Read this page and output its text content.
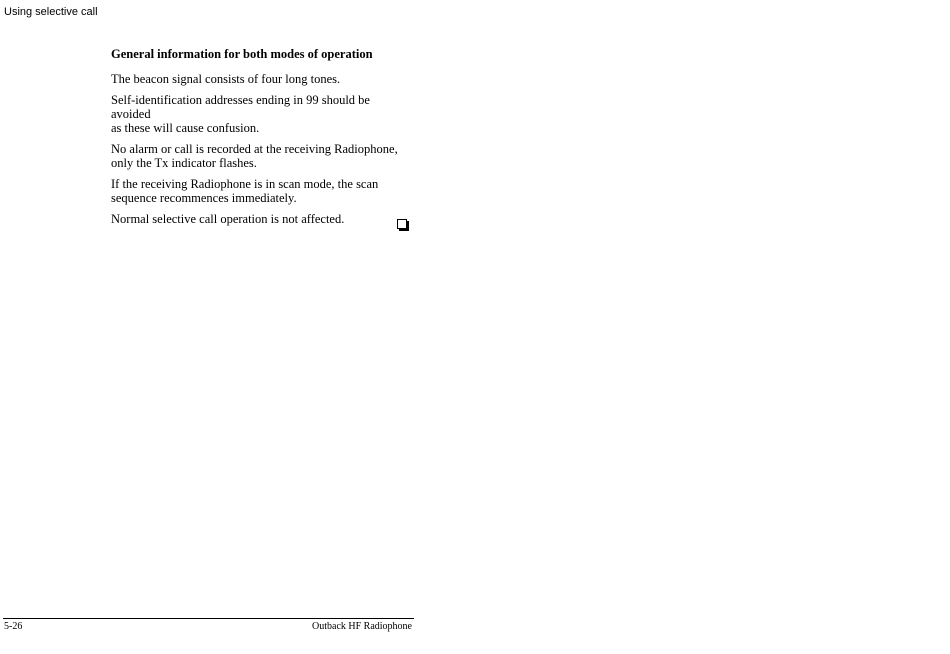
Using selective call
General information for both modes of operation

The beacon signal consists of four long tones.

Self-identification addresses ending in 99 should be avoided
as these will cause confusion.

No alarm or call is recorded at the receiving Radiophone,
only the Tx indicator flashes.

If the receiving Radiophone is in scan mode, the scan
sequence recommences immediately.

Normal selective call operation is not affected.

5-26	Outback HF Radiophone
